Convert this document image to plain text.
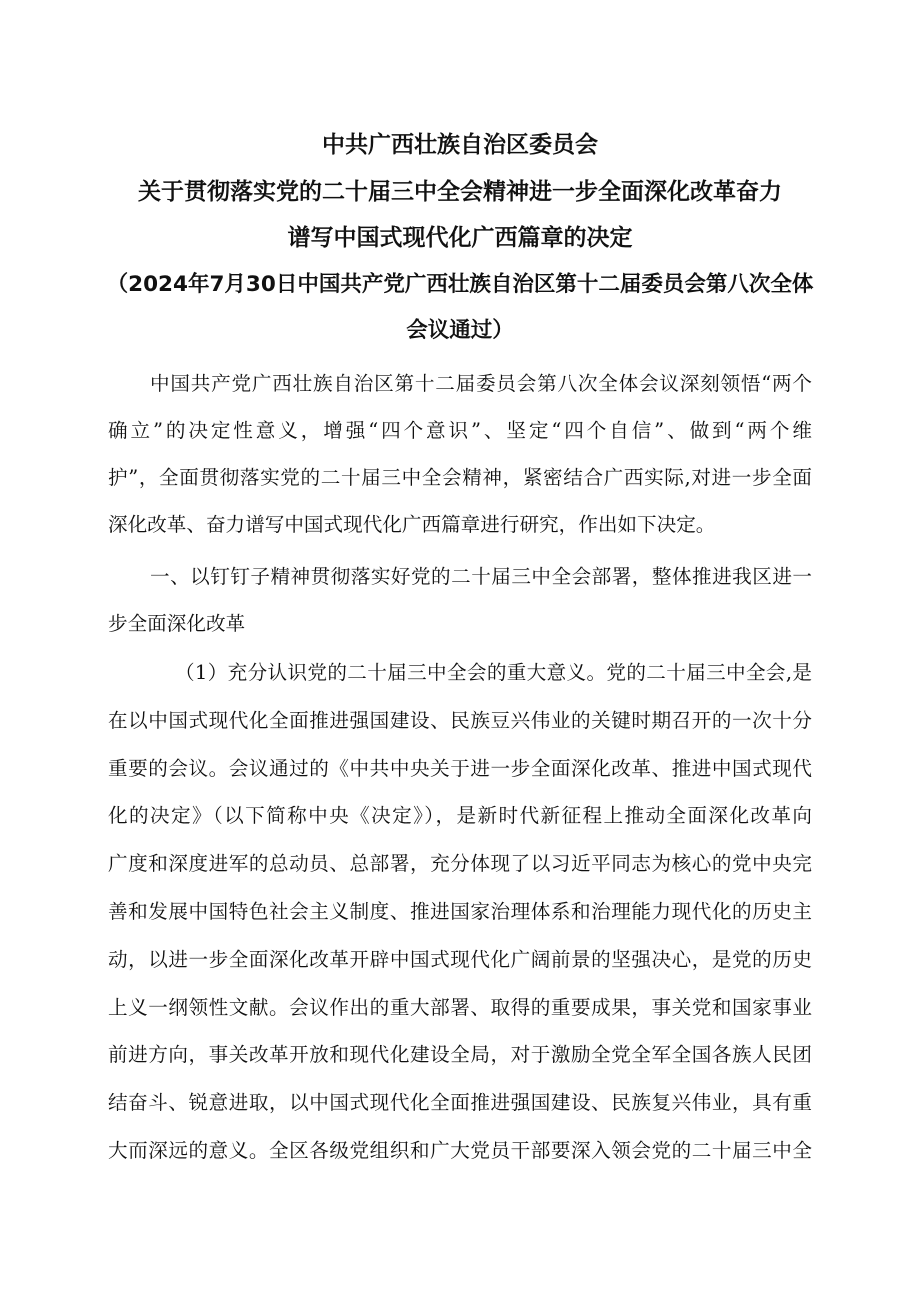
中共广西壮族自治区委员会
关于贯彻落实党的二十届三中全会精神进一步全面深化改革奋力
谱写中国式现代化广西篇章的决定
（2024年7月30日中国共产党广西壮族自治区第十二届委员会第八次全体
会议通过）
中国共产党广西壮族自治区第十二届委员会第八次全体会议深刻领悟“两个
确立”的决定性意义，增强“四个意识”、坚定“四个自信”、做到“两个维
护”，全面贯彻落实党的二十届三中全会精神，紧密结合广西实际,对进一步全面
深化改革、奋力谱写中国式现代化广西篇章进行研究，作出如下决定。
一、以钉钉子精神贯彻落实好党的二十届三中全会部署，整体推进我区进一
步全面深化改革
（1）充分认识党的二十届三中全会的重大意义。党的二十届三中全会,是
在以中国式现代化全面推进强国建设、民族豆兴伟业的关键时期召开的一次十分
重要的会议。会议通过的《中共中央关于进一步全面深化改革、推进中国式现代
化的决定》（以下简称中央《决定》），是新时代新征程上推动全面深化改革向
广度和深度进军的总动员、总部署，充分体现了以习近平同志为核心的党中央完
善和发展中国特色社会主义制度、推进国家治理体系和治理能力现代化的历史主
动，以进一步全面深化改革开辟中国式现代化广阔前景的坚强决心，是党的历史
上义一纲领性文献。会议作出的重大部署、取得的重要成果，事关党和国家事业
前进方向，事关改革开放和现代化建设全局，对于激励全党全军全国各族人民团
结奋斗、锐意进取，以中国式现代化全面推进强国建设、民族复兴伟业，具有重
大而深远的意义。全区各级党组织和广大党员干部要深入领会党的二十届三中全
